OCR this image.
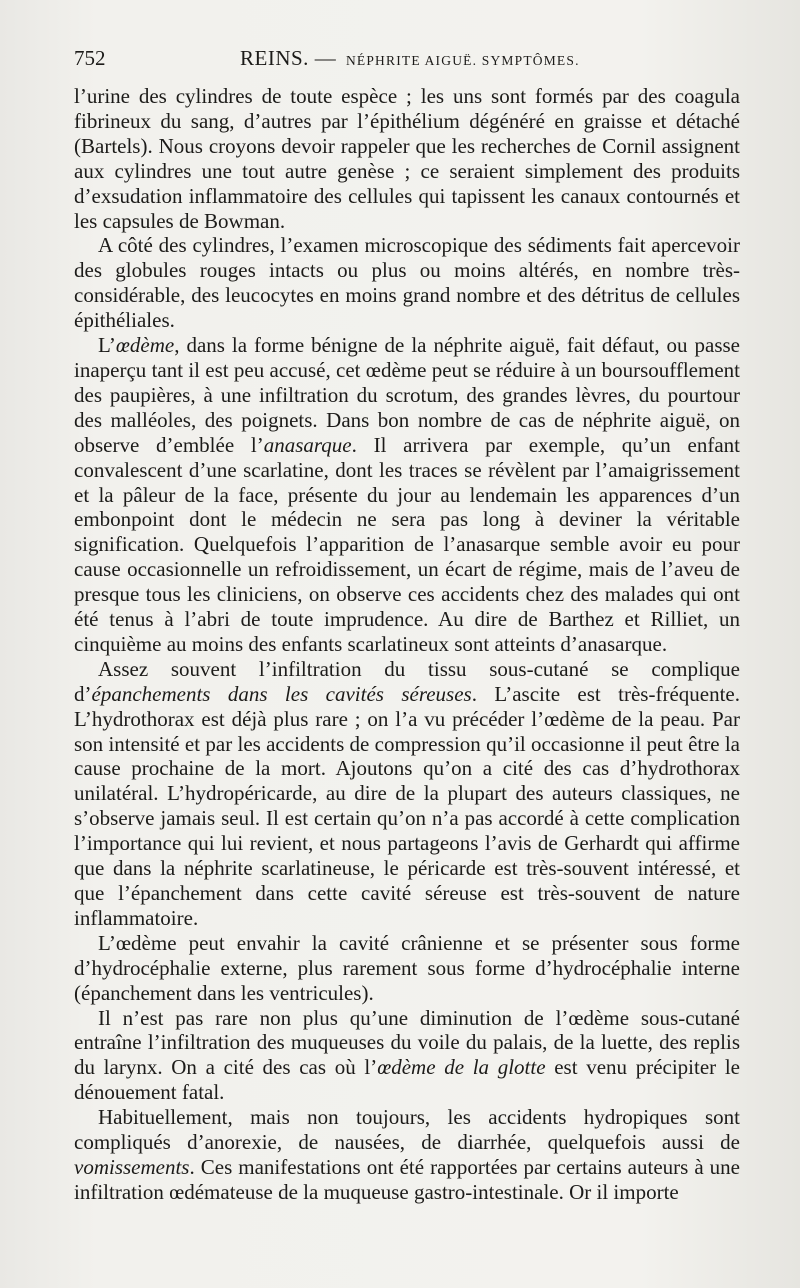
752	REINS. — NÉPHRITE AIGUË. SYMPTÔMES.

l’urine des cylindres de toute espèce ; les uns sont formés par des coagula fibrineux du sang, d’autres par l’épithélium dégénéré en graisse et détaché (Bartels). Nous croyons devoir rappeler que les recherches de Cornil assignent aux cylindres une tout autre genèse ; ce seraient simplement des produits d’exsudation inflammatoire des cellules qui tapissent les canaux contournés et les capsules de Bowman.

A côté des cylindres, l’examen microscopique des sédiments fait apercevoir des globules rouges intacts ou plus ou moins altérés, en nombre très-considérable, des leucocytes en moins grand nombre et des détritus de cellules épithéliales.

L’œdème, dans la forme bénigne de la néphrite aiguë, fait défaut, ou passe inaperçu tant il est peu accusé, cet œdème peut se réduire à un boursoufflement des paupières, à une infiltration du scrotum, des grandes lèvres, du pourtour des malléoles, des poignets. Dans bon nombre de cas de néphrite aiguë, on observe d’emblée l’anasarque. Il arrivera par exemple, qu’un enfant convalescent d’une scarlatine, dont les traces se révèlent par l’amaigrissement et la pâleur de la face, présente du jour au lendemain les apparences d’un embonpoint dont le médecin ne sera pas long à deviner la véritable signification. Quelquefois l’apparition de l’anasarque semble avoir eu pour cause occasionnelle un refroidissement, un écart de régime, mais de l’aveu de presque tous les cliniciens, on observe ces accidents chez des malades qui ont été tenus à l’abri de toute imprudence. Au dire de Barthez et Rilliet, un cinquième au moins des enfants scarlatineux sont atteints d’anasarque.

Assez souvent l’infiltration du tissu sous-cutané se complique d’épanchements dans les cavités séreuses. L’ascite est très-fréquente. L’hydrothorax est déjà plus rare ; on l’a vu précéder l’œdème de la peau. Par son intensité et par les accidents de compression qu’il occasionne il peut être la cause prochaine de la mort. Ajoutons qu’on a cité des cas d’hydrothorax unilatéral. L’hydropéricarde, au dire de la plupart des auteurs classiques, ne s’observe jamais seul. Il est certain qu’on n’a pas accordé à cette complication l’importance qui lui revient, et nous partageons l’avis de Gerhardt qui affirme que dans la néphrite scarlatineuse, le péricarde est très-souvent intéressé, et que l’épanchement dans cette cavité séreuse est très-souvent de nature inflammatoire.

L’œdème peut envahir la cavité crânienne et se présenter sous forme d’hydrocéphalie externe, plus rarement sous forme d’hydrocéphalie interne (épanchement dans les ventricules).

Il n’est pas rare non plus qu’une diminution de l’œdème sous-cutané entraîne l’infiltration des muqueuses du voile du palais, de la luette, des replis du larynx. On a cité des cas où l’œdème de la glotte est venu précipiter le dénouement fatal.

Habituellement, mais non toujours, les accidents hydropiques sont compliqués d’anorexie, de nausées, de diarrhée, quelquefois aussi de vomissements. Ces manifestations ont été rapportées par certains auteurs à une infiltration œdémateuse de la muqueuse gastro-intestinale. Or il importe
